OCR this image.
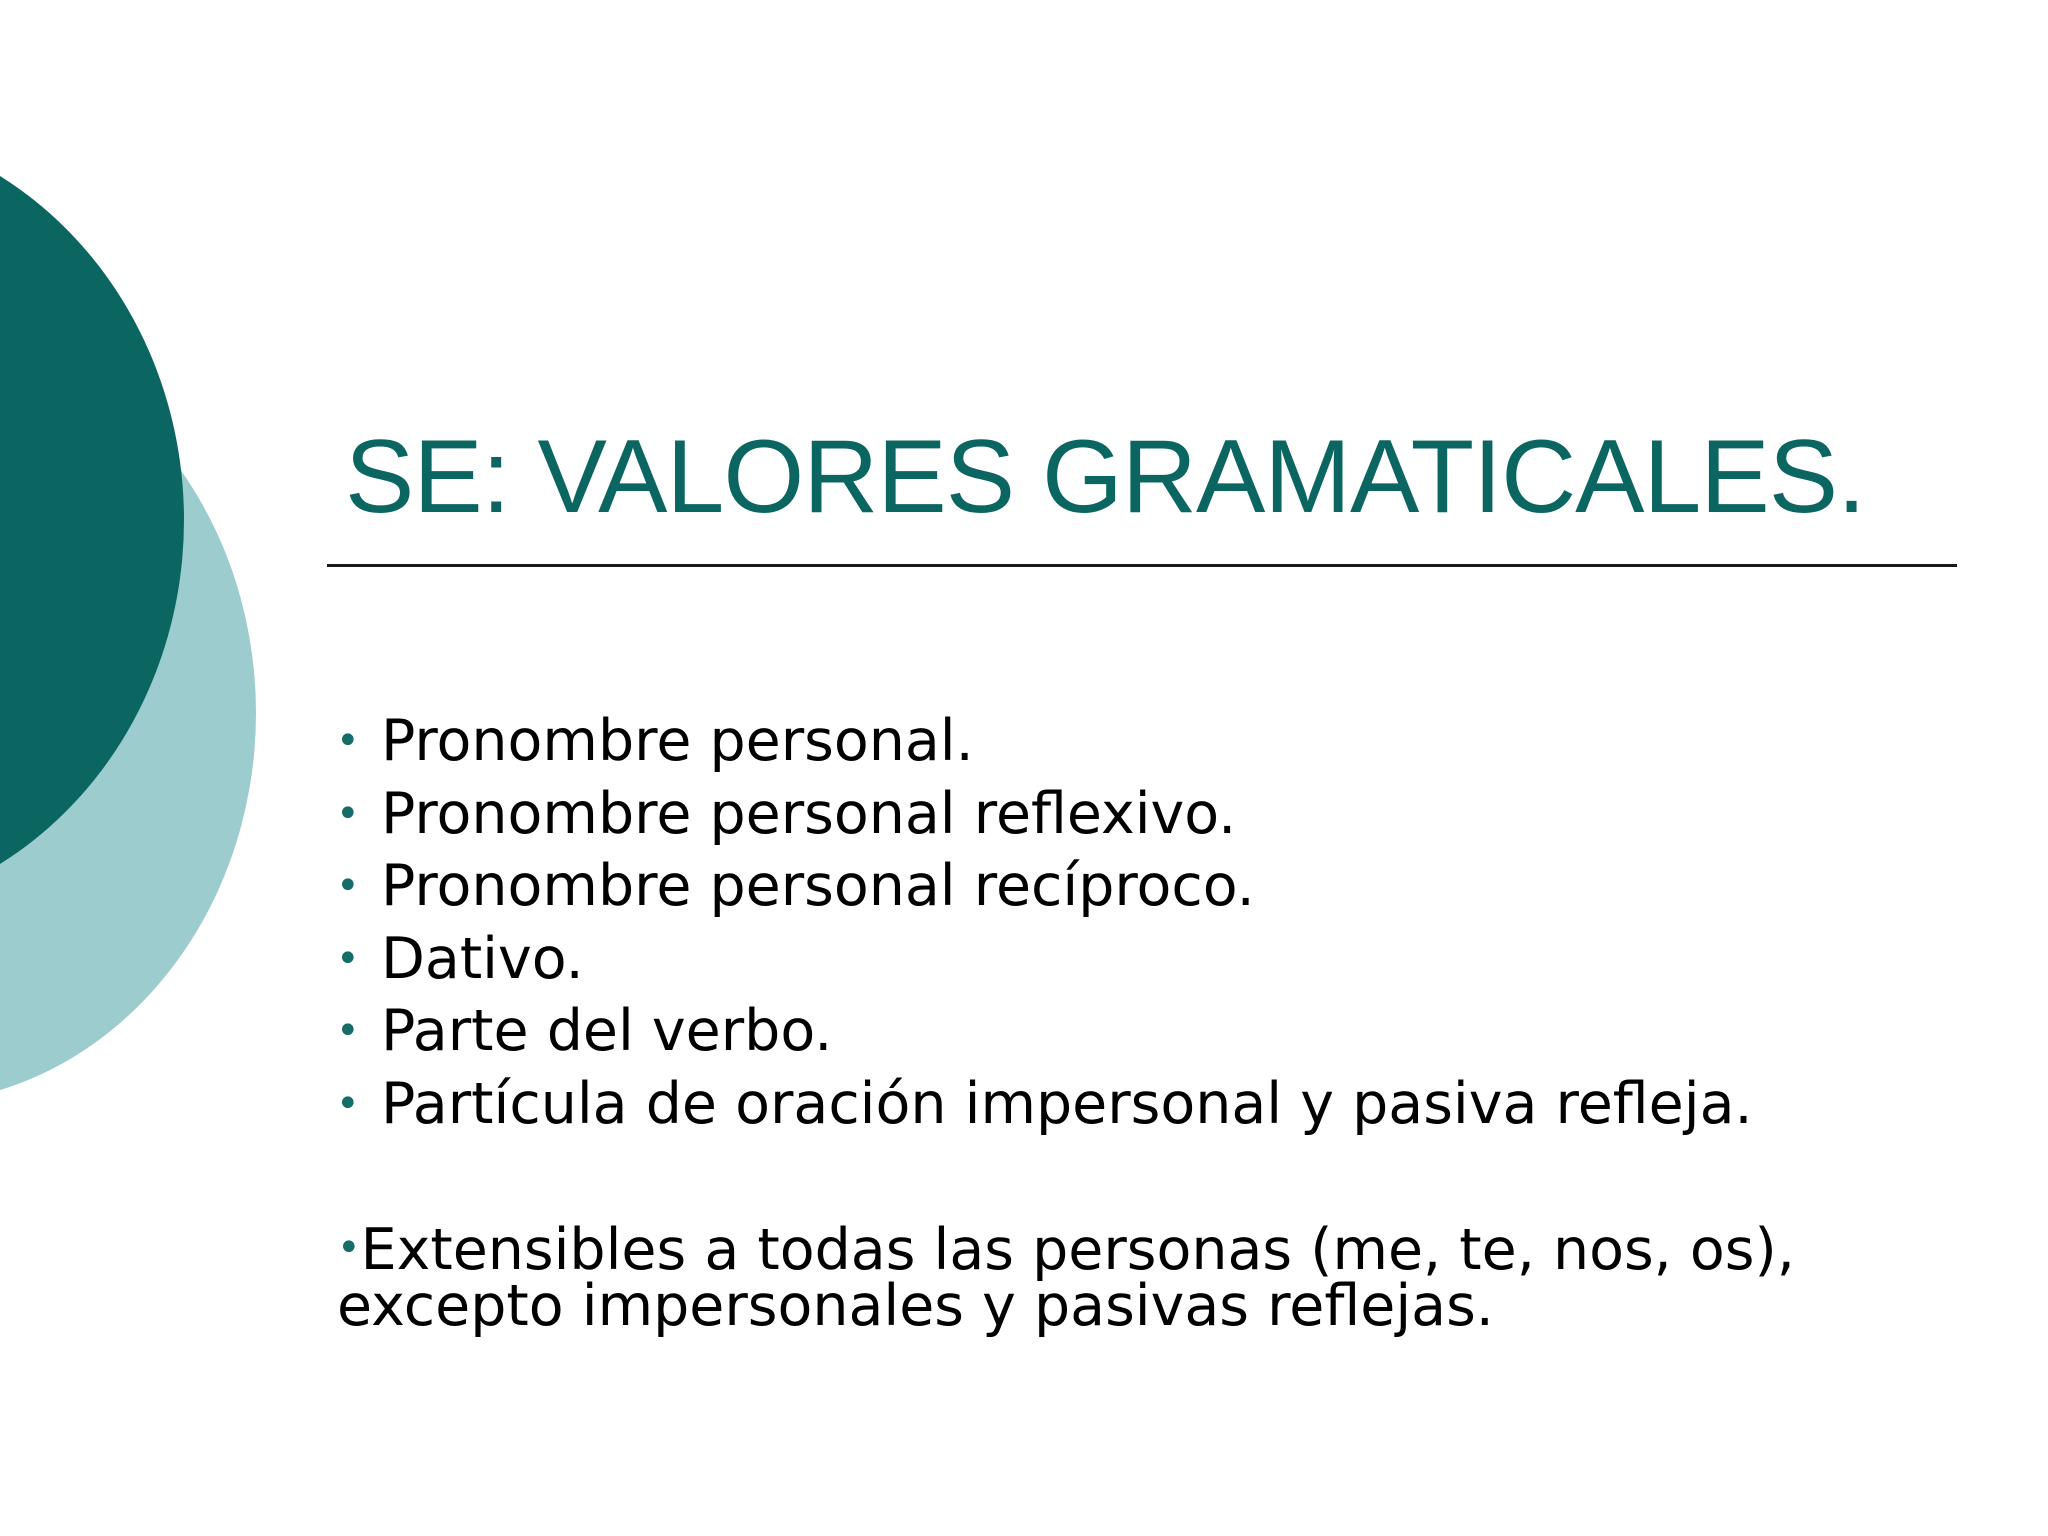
SE: VALORES GRAMATICALES.
• Pronombre personal.
• Pronombre personal reflexivo.
• Pronombre personal recíproco.
• Dativo.
• Parte del verbo.
• Partícula de oración impersonal y pasiva refleja.

•Extensibles a todas las personas (me, te, nos, os),
excepto impersonales y pasivas reflejas.
